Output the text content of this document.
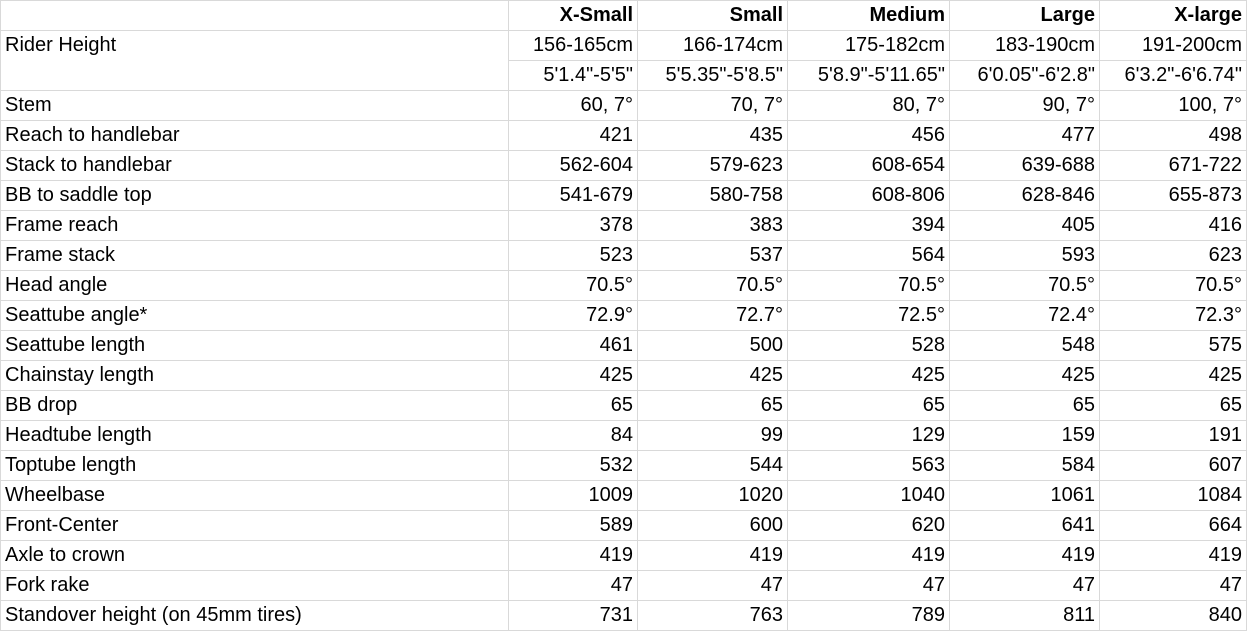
	X-Small	Small	Medium	Large	X-large
Rider Height	156-165cm	166-174cm	175-182cm	183-190cm	191-200cm
	5'1.4"-5'5"	5'5.35"-5'8.5"	5'8.9"-5'11.65"	6'0.05"-6'2.8"	6'3.2"-6'6.74"
Stem	60, 7°	70, 7°	80, 7°	90, 7°	100, 7°
Reach to handlebar	421	435	456	477	498
Stack to handlebar	562-604	579-623	608-654	639-688	671-722
BB to saddle top	541-679	580-758	608-806	628-846	655-873
Frame reach	378	383	394	405	416
Frame stack	523	537	564	593	623
Head angle	70.5°	70.5°	70.5°	70.5°	70.5°
Seattube angle*	72.9°	72.7°	72.5°	72.4°	72.3°
Seattube length	461	500	528	548	575
Chainstay length	425	425	425	425	425
BB drop	65	65	65	65	65
Headtube length	84	99	129	159	191
Toptube length	532	544	563	584	607
Wheelbase	1009	1020	1040	1061	1084
Front-Center	589	600	620	641	664
Axle to crown	419	419	419	419	419
Fork rake	47	47	47	47	47
Standover height (on 45mm tires)	731	763	789	811	840
